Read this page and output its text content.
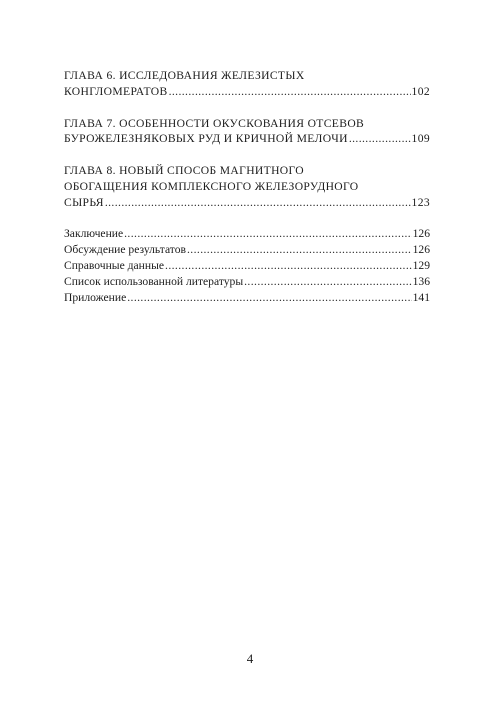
ГЛАВА 6. ИССЛЕДОВАНИЯ ЖЕЛЕЗИСТЫХ
КОНГЛОМЕРАТОВ .....	102
ГЛАВА 7. ОСОБЕННОСТИ ОКУСКОВАНИЯ ОТСЕВОВ
БУРОЖЕЛЕЗНЯКОВЫХ РУД И КРИЧНОЙ МЕЛОЧИ .....	109
ГЛАВА 8. НОВЫЙ СПОСОБ МАГНИТНОГО
ОБОГАЩЕНИЯ КОМПЛЕКСНОГО ЖЕЛЕЗОРУДНОГО
СЫРЬЯ .....	123
Заключение .....	126
Обсуждение результатов .....	126
Справочные данные .....	129
Список использованной литературы .....	136
Приложение .....	141
4
